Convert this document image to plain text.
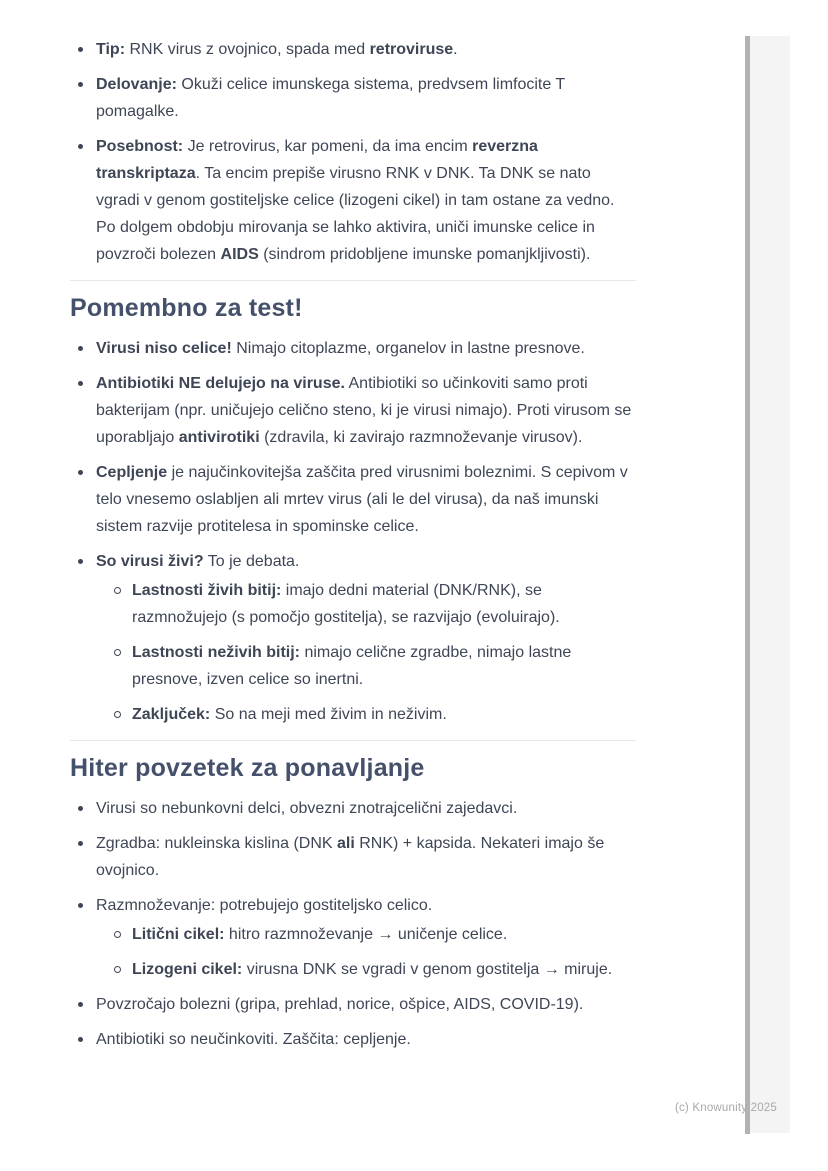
Tip: RNK virus z ovojnico, spada med retroviruse.
Delovanje: Okuži celice imunskega sistema, predvsem limfocite T pomagalke.
Posebnost: Je retrovirus, kar pomeni, da ima encim reverzna transkriptaza. Ta encim prepiše virusno RNK v DNK. Ta DNK se nato vgradi v genom gostiteljske celice (lizogeni cikel) in tam ostane za vedno. Po dolgem obdobju mirovanja se lahko aktivira, uniči imunske celice in povzroči bolezen AIDS (sindrom pridobljene imunske pomanjkljivosti).
Pomembno za test!
Virusi niso celice! Nimajo citoplazme, organelov in lastne presnove.
Antibiotiki NE delujejo na viruse. Antibiotiki so učinkoviti samo proti bakterijam (npr. uničujejo celično steno, ki je virusi nimajo). Proti virusom se uporabljajo antivirotiki (zdravila, ki zavirajo razmnoževanje virusov).
Cepljenje je najučinkovitejša zaščita pred virusnimi boleznimi. S cepivom v telo vnesemo oslabljen ali mrtev virus (ali le del virusa), da naš imunski sistem razvije protitelesa in spominske celice.
So virusi živi? To je debata.
Lastnosti živih bitij: imajo dedni material (DNK/RNK), se razmnožujejo (s pomočjo gostitelja), se razvijajo (evoluirajo).
Lastnosti neživih bitij: nimajo celične zgradbe, nimajo lastne presnove, izven celice so inertni.
Zaključek: So na meji med živim in neživim.
Hiter povzetek za ponavljanje
Virusi so nebunkovni delci, obvezni znotrajcelični zajedavci.
Zgradba: nukleinska kislina (DNK ali RNK) + kapsida. Nekateri imajo še ovojnico.
Razmnoževanje: potrebujejo gostiteljsko celico.
Litični cikel: hitro razmnoževanje → uničenje celice.
Lizogeni cikel: virusna DNK se vgradi v genom gostitelja → miruje.
Povzročajo bolezni (gripa, prehlad, norice, ošpice, AIDS, COVID-19).
Antibiotiki so neučinkoviti. Zaščita: cepljenje.
(c) Knowunity 2025
